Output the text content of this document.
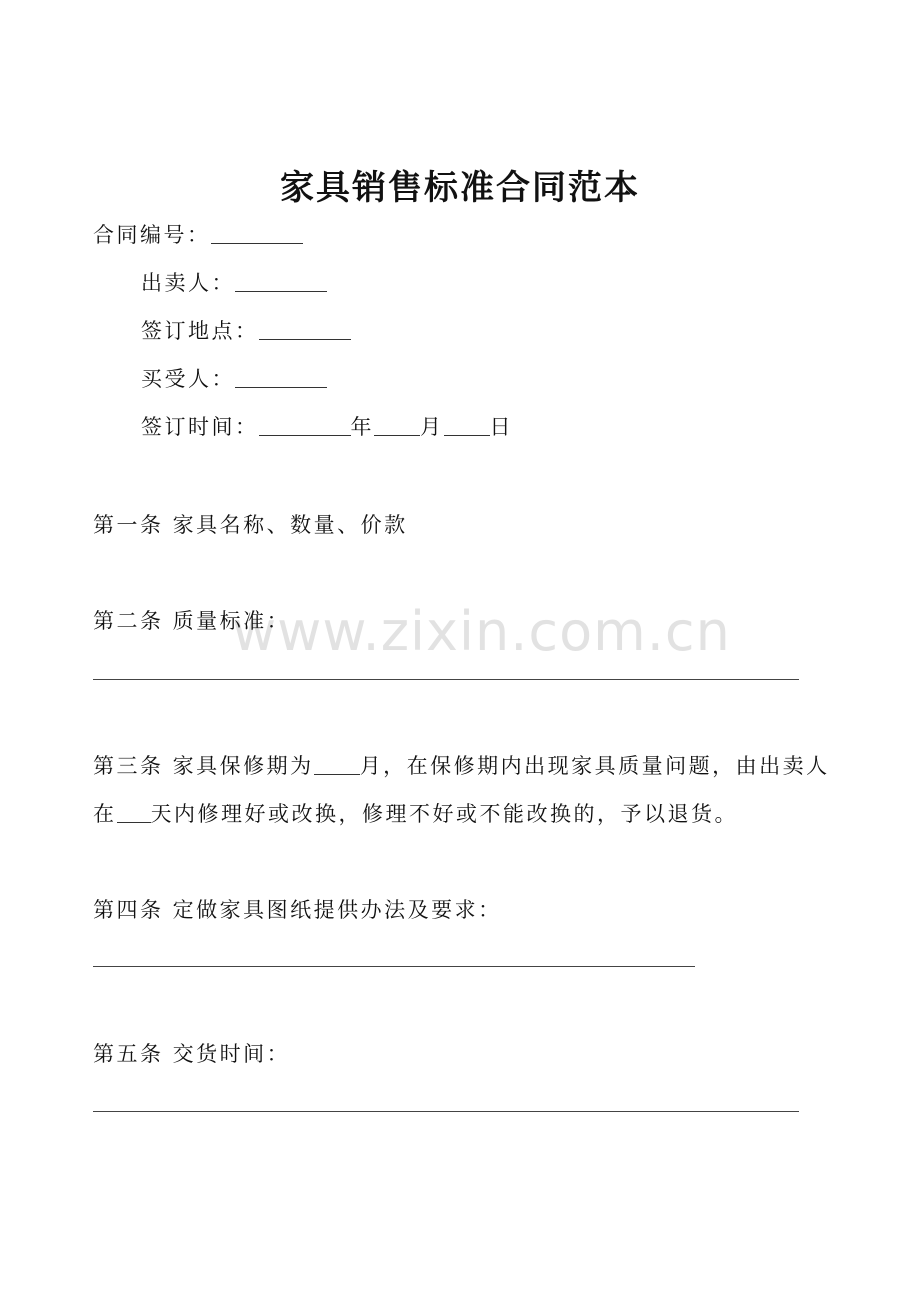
www.zixin.com.cn
家具销售标准合同范本
合同编号：
出卖人：
签订地点：
买受人：
签订时间：	年 月 日
第一条 家具名称、数量、价款
第二条 质量标准：
第三条 家具保修期为 月，在保修期内出现家具质量问题，由出卖人
在 天内修理好或改换，修理不好或不能改换的，予以退货。
第四条 定做家具图纸提供办法及要求：
第五条 交货时间：
